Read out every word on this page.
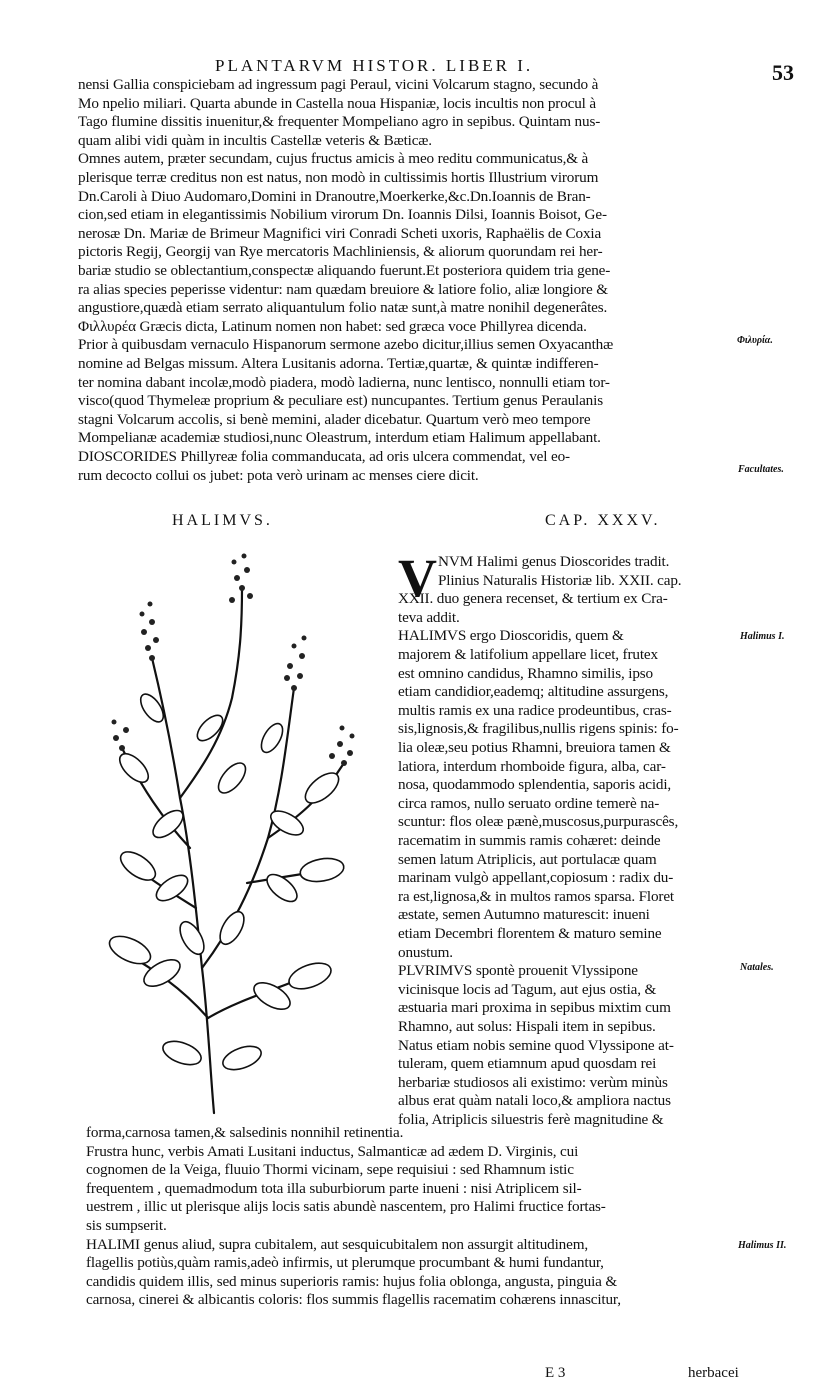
PLANTARVM HISTOR. LIBER I.	53
nensi Gallia conspiciebam ad ingressum pagi Peraul, vicini Volcarum stagno, secundo à
Mo npelio miliari. Quarta abunde in Castella noua Hispaniæ, locis incultis non procul à
Tago flumine dissitis inuenitur,& frequenter Mompeliano agro in sepibus. Quintam nus-
quam alibi vidi quàm in incultis Castellæ veteris & Bæticæ.
Omnes autem, præter secundam, cujus fructus amicis à meo reditu communicatus,& à
plerisque terræ creditus non est natus, non modò in cultissimis hortis Illustrium virorum
Dn.Caroli à Diuo Audomaro,Domini in Dranoutre,Moerkerke,&c.Dn.Ioannis de Bran-
cion,sed etiam in elegantissimis Nobilium virorum Dn. Ioannis Dilsi, Ioannis Boisot, Ge-
nerosæ Dn. Mariæ de Brimeur Magnifici viri Conradi Scheti uxoris, Raphaëlis de Coxia
pictoris Regij, Georgij van Rye mercatoris Machliniensis, & aliorum quorundam rei her-
bariæ studio se oblectantium,conspectæ aliquando fuerunt.Et posteriora quidem tria gene-
ra alias species peperisse videntur: nam quædam breuiore & latiore folio, aliæ longiore &
angustiore,quædà etiam serrato aliquantulum folio natæ sunt,à matre nonihil degenerâtes.
Φιλλυρέα Græcis dicta, Latinum nomen non habet: sed græca voce Phillyrea dicenda.
Prior à quibusdam vernaculo Hispanorum sermone azebo dicitur,illius semen Oxyacanthæ
nomine ad Belgas missum. Altera Lusitanis adorna. Tertiæ,quartæ, & quintæ indifferen-
ter nomina dabant incolæ,modò piadera, modò ladierna, nunc lentisco, nonnulli etiam tor-
visco(quod Thymeleæ proprium & peculiare est) nuncupantes. Tertium genus Peraulanis
stagni Volcarum accolis, si benè memini, alader dicebatur. Quartum verò meo tempore
Mompelianæ academiæ studiosi,nunc Oleastrum, interdum etiam Halimum appellabant.
DIOSCORIDES Phillyreæ folia commanducata, ad oris ulcera commendat, vel eo-
rum decocto collui os jubet: pota verò urinam ac menses ciere dicit.
Φιλυρία.
Facultates.
Halimus I.
Natales.
Halimus II.
HALIMVS.	CAP. XXXV.
V NVM Halimi genus Dioscorides tradit.
Plinius Naturalis Historiæ lib. XXII. cap.
XXII. duo genera recenset, & tertium ex Cra-
teva addit.
HALIMVS ergo Dioscoridis, quem &
majorem & latifolium appellare licet, frutex
est omnino candidus, Rhamno similis, ipso
etiam candidior,eademq; altitudine assurgens,
multis ramis ex una radice prodeuntibus, cras-
sis,lignosis,& fragilibus,nullis rigens spinis: fo-
lia oleæ,seu potius Rhamni, breuiora tamen &
latiora, interdum rhomboide figura, alba, car-
nosa, quodammodo splendentia, saporis acidi,
circa ramos, nullo seruato ordine temerè na-
scuntur: flos oleæ pænè,muscosus,purpurascês,
racematim in summis ramis cohæret: deinde
semen latum Atriplicis, aut portulacæ quam
marinam vulgò appellant,copiosum : radix du-
ra est,lignosa,& in multos ramos sparsa. Floret
æstate, semen Autumno maturescit: inueni
etiam Decembri florentem & maturo semine
onustum.
PLVRIMVS spontè prouenit Vlyssipone
vicinisque locis ad Tagum, aut ejus ostia, &
æstuaria mari proxima in sepibus mixtim cum
Rhamno, aut solus: Hispali item in sepibus.
Natus etiam nobis semine quod Vlyssipone at-
tuleram, quem etiamnum apud quosdam rei
herbariæ studiosos ali existimo: verùm minùs
albus erat quàm natali loco,& ampliora nactus
folia, Atriplicis siluestris ferè magnitudine &
forma,carnosa tamen,& salsedinis nonnihil retinentia.
Frustra hunc, verbis Amati Lusitani inductus, Salmanticæ ad ædem D. Virginis, cui
cognomen de la Veiga, fluuio Thormi vicinam, sepe requisiui : sed Rhamnum istic
frequentem , quemadmodum tota illa suburbiorum parte inueni : nisi Atriplicem sil-
uestrem , illic ut plerisque alijs locis satis abundè nascentem, pro Halimi fructice fortas-
sis sumpserit.
HALIMI genus aliud, supra cubitalem, aut sesquicubitalem non assurgit altitudinem,
flagellis potiùs,quàm ramis,adeò infirmis, ut plerumque procumbant & humi fundantur,
candidis quidem illis, sed minus superioris ramis: hujus folia oblonga, angusta, pinguia &
carnosa, cinerei & albicantis coloris: flos summis flagellis racematim cohærens innascitur,
E 3	herbacei
